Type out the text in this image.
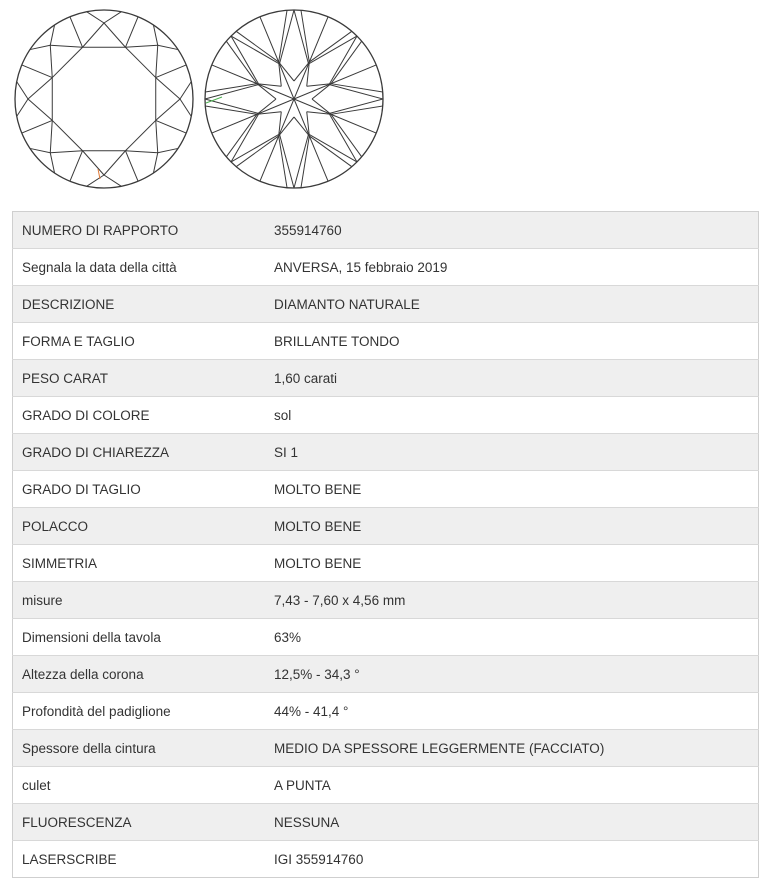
NUMERO DI RAPPORTO	355914760
Segnala la data della città	ANVERSA, 15 febbraio 2019
DESCRIZIONE	DIAMANTO NATURALE
FORMA E TAGLIO	BRILLANTE TONDO
PESO CARAT	1,60 carati
GRADO DI COLORE	sol
GRADO DI CHIAREZZA	SI 1
GRADO DI TAGLIO	MOLTO BENE
POLACCO	MOLTO BENE
SIMMETRIA	MOLTO BENE
misure	7,43 - 7,60 x 4,56 mm
Dimensioni della tavola	63%
Altezza della corona	12,5% - 34,3 °
Profondità del padiglione	44% - 41,4 °
Spessore della cintura	MEDIO DA SPESSORE LEGGERMENTE (FACCIATO)
culet	A PUNTA
FLUORESCENZA	NESSUNA
LASERSCRIBE	IGI 355914760
